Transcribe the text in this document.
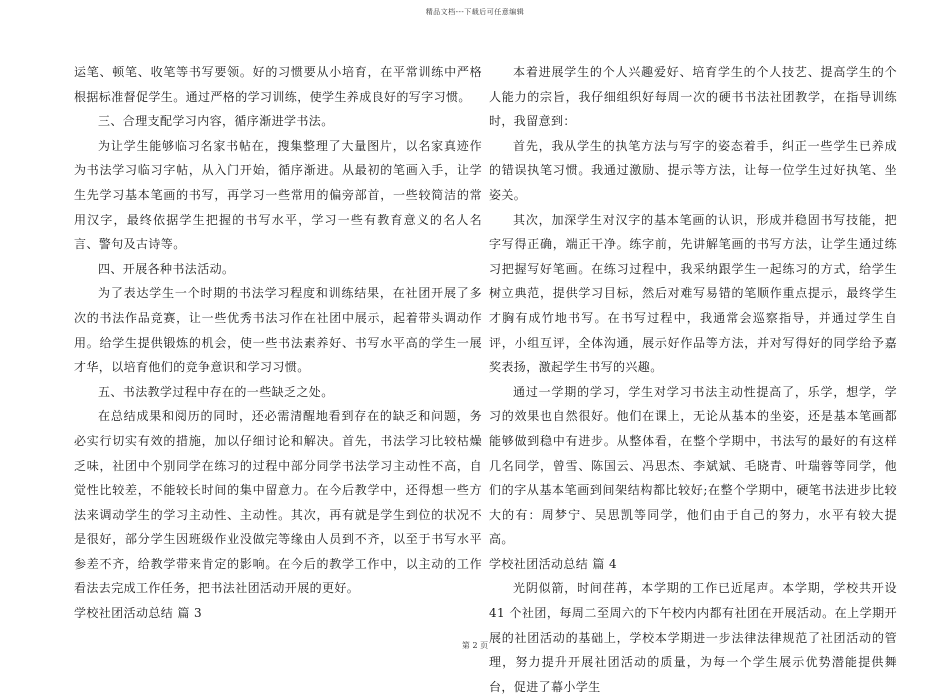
精品文档---下载后可任意编辑

运笔、顿笔、收笔等书写要领。好的习惯要从小培育，在平常训练中严格根据标准督促学生。通过严格的学习训练，使学生养成良好的写字习惯。

三、合理支配学习内容，循序渐进学书法。

为让学生能够临习名家书帖在，搜集整理了大量图片，以名家真迹作为书法学习临习字帖，从入门开始，循序渐进。从最初的笔画入手，让学生先学习基本笔画的书写，再学习一些常用的偏旁部首，一些较简洁的常用汉字，最终依据学生把握的书写水平，学习一些有教育意义的名人名言、警句及古诗等。

四、开展各种书法活动。

为了表达学生一个时期的书法学习程度和训练结果，在社团开展了多次的书法作品竞赛，让一些优秀书法习作在社团中展示，起着带头调动作用。给学生提供锻炼的机会，使一些书法素养好、书写水平高的学生一展才华，以培育他们的竞争意识和学习习惯。

五、书法教学过程中存在的一些缺乏之处。

在总结成果和阅历的同时，还必需清醒地看到存在的缺乏和问题，务必实行切实有效的措施，加以仔细讨论和解决。首先，书法学习比较枯燥乏味，社团中个别同学在练习的过程中部分同学书法学习主动性不高，自觉性比较差，不能较长时间的集中留意力。在今后教学中，还得想一些方法来调动学生的学习主动性、主动性。其次，再有就是学生到位的状况不是很好，部分学生因班级作业没做完等缘由人员到不齐，以至于书写水平参差不齐，给教学带来肯定的影响。在今后的教学工作中，以主动的工作看法去完成工作任务，把书法社团活动开展的更好。

学校社团活动总结 篇 3

本着进展学生的个人兴趣爱好、培育学生的个人技艺、提高学生的个人能力的宗旨，我仔细组织好每周一次的硬书书法社团教学，在指导训练时，我留意到：

首先，我从学生的执笔方法与写字的姿态着手，纠正一些学生已养成的错误执笔习惯。我通过激励、提示等方法，让每一位学生过好执笔、坐姿关。

其次，加深学生对汉字的基本笔画的认识，形成并稳固书写技能，把字写得正确，端正干净。练字前，先讲解笔画的书写方法，让学生通过练习把握写好笔画。在练习过程中，我采纳跟学生一起练习的方式，给学生树立典范，提供学习目标，然后对难写易错的笔顺作重点提示，最终学生才胸有成竹地书写。在书写过程中，我通常会巡察指导，并通过学生自评，小组互评，全体沟通，展示好作品等方法，并对写得好的同学给予嘉奖表扬，激起学生书写的兴趣。

通过一学期的学习，学生对学习书法主动性提高了，乐学，想学，学习的效果也自然很好。他们在课上，无论从基本的坐姿，还是基本笔画都能够做到稳中有进步。从整体看，在整个学期中，书法写的最好的有这样几名同学，曾雪、陈国云、冯思杰、李斌斌、毛晓青、叶瑞蓉等同学，他们的字从基本笔画到间架结构都比较好;在整个学期中，硬笔书法进步比较大的有：周梦宁、吴思凯等同学，他们由于自己的努力，水平有较大提高。

学校社团活动总结 篇 4

光阴似箭，时间荏苒，本学期的工作已近尾声。本学期，学校共开设 41 个社团，每周二至周六的下午校内内都有社团在开展活动。在上学期开展的社团活动的基础上，学校本学期进一步法律法律规范了社团活动的管理，努力提升开展社团活动的质量，为每一个学生展示优势潜能提供舞台，促进了幕小学生

第 2 页
